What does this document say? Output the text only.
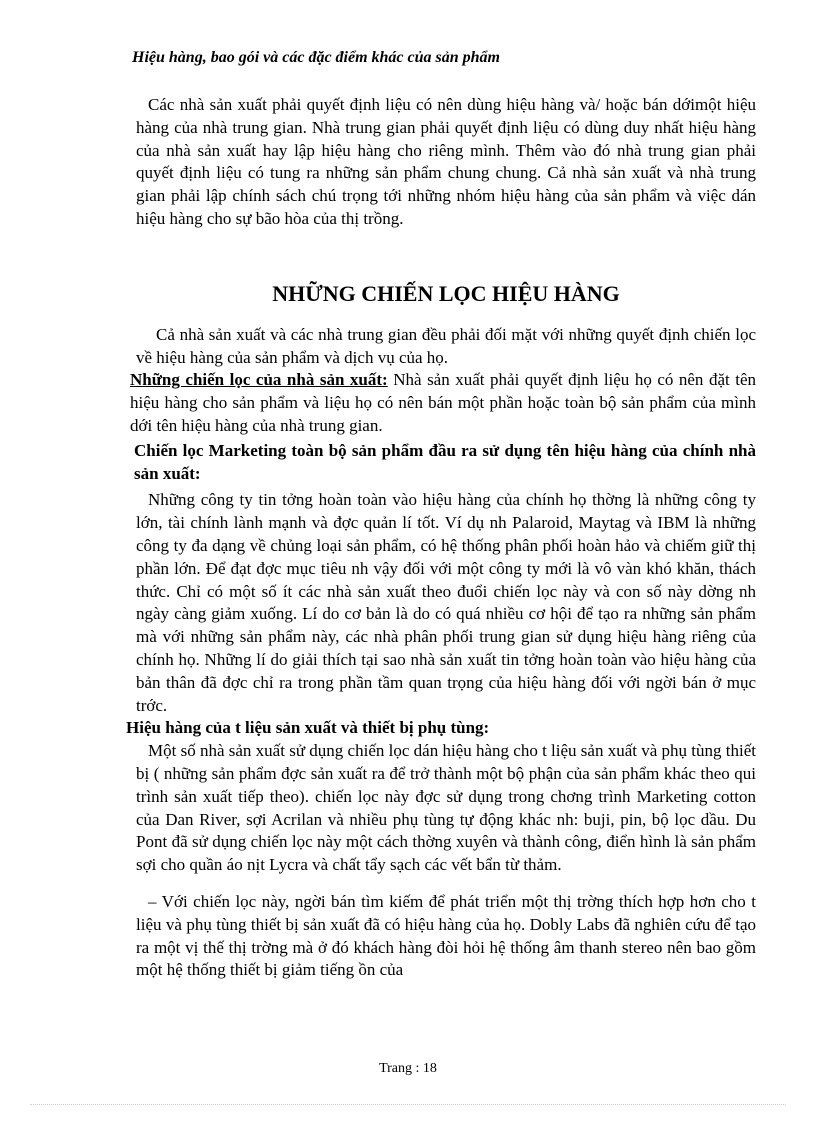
Hiệu hàng, bao gói và các đặc điểm khác của sản phẩm

Các nhà sản xuất phải quyết định liệu có nên dùng hiệu hàng và/ hoặc bán dớimột hiệu hàng của nhà trung gian. Nhà trung gian phải quyết định liệu có dùng duy nhất hiệu hàng của nhà sản xuất hay lập hiệu hàng cho riêng mình. Thêm vào đó nhà trung gian phải quyết định liệu có tung ra những sản phẩm chung chung. Cả nhà sản xuất và nhà trung gian phải lập chính sách chú trọng tới những nhóm hiệu hàng của sản phẩm và việc dán hiệu hàng cho sự bão hòa của thị trồng.

NHỮNG CHIẾN LỌC HIỆU HÀNG

Cả nhà sản xuất và các nhà trung gian đều phải đối mặt với những quyết định chiến lọc về hiệu hàng của sản phẩm và dịch vụ của họ.

Những chiến lọc của nhà sản xuất: Nhà sản xuất phải quyết định liệu họ có nên đặt tên hiệu hàng cho sản phẩm và liệu họ có nên bán một phần hoặc toàn bộ sản phẩm của mình dới tên hiệu hàng của nhà trung gian.

Chiến lọc Marketing toàn bộ sản phẩm đầu ra sử dụng tên hiệu hàng của chính nhà sản xuất:

Những công ty tin tởng hoàn toàn vào hiệu hàng của chính họ thờng là những công ty lớn, tài chính lành mạnh và đợc quản lí tốt. Ví dụ nh Palaroid, Maytag và IBM là những công ty đa dạng về chủng loại sản phẩm, có hệ thống phân phối hoàn hảo và chiếm giữ thị phần lớn. Để đạt đợc mục tiêu nh vậy đối với một công ty mới là vô vàn khó khăn, thách thức. Chỉ có một số ít các nhà sản xuất theo đuổi chiến lọc này và con số này dờng nh ngày càng giảm xuống. Lí do cơ bản là do có quá nhiều cơ hội để tạo ra những sản phẩm mà với những sản phẩm này, các nhà phân phối trung gian sử dụng hiệu hàng riêng của chính họ. Những lí do giải thích tại sao nhà sản xuất tin tởng hoàn toàn vào hiệu hàng của bản thân đã đợc chỉ ra trong phần tầm quan trọng của hiệu hàng đối với ngời bán ở mục trớc.

Hiệu hàng của t liệu sản xuất và thiết bị phụ tùng:

Một số nhà sản xuất sử dụng chiến lọc dán hiệu hàng cho t liệu sản xuất và phụ tùng thiết bị ( những sản phẩm đợc sản xuất ra để trở thành một bộ phận của sản phẩm khác theo qui trình sản xuất tiếp theo). chiến lọc này đợc sử dụng trong chơng trình Marketing cotton của Dan River, sợi Acrilan và nhiều phụ tùng tự động khác nh: buji, pin, bộ lọc dầu. Du Pont đã sử dụng chiến lọc này một cách thờng xuyên và thành công, điển hình là sản phẩm sợi cho quần áo nịt Lycra và chất tẩy sạch các vết bẩn từ thảm.

– Với chiến lọc này, ngời bán tìm kiếm để phát triển một thị trờng thích hợp hơn cho t liệu và phụ tùng thiết bị sản xuất đã có hiệu hàng của họ. Dobly Labs đã nghiên cứu để tạo ra một vị thế thị trờng mà ở đó khách hàng đòi hỏi hệ thống âm thanh stereo nên bao gồm một hệ thống thiết bị giảm tiếng ồn của

Trang : 18
